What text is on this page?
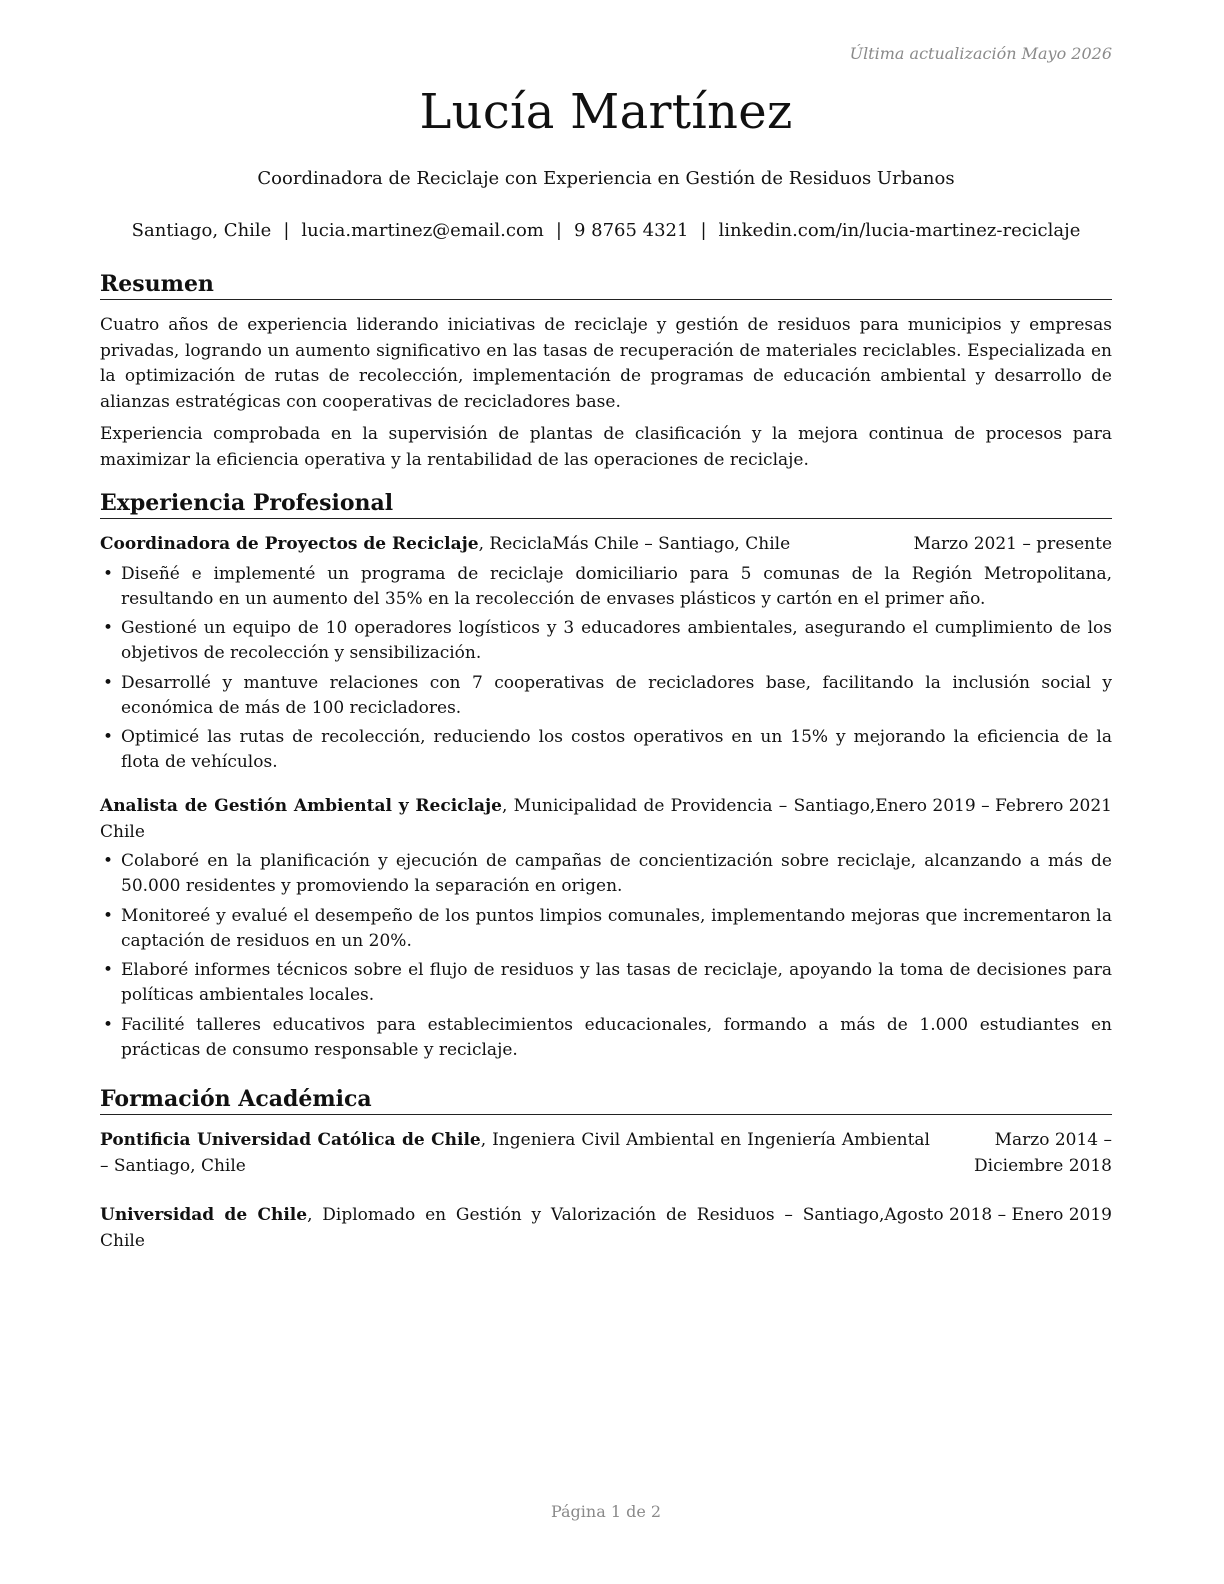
Última actualización Mayo 2026
Lucía Martínez
Coordinadora de Reciclaje con Experiencia en Gestión de Residuos Urbanos
Santiago, Chile | lucia.martinez@email.com | 9 8765 4321 | linkedin.com/in/lucia-martinez-reciclaje
Resumen

Cuatro años de experiencia liderando iniciativas de reciclaje y gestión de residuos para municipios y empresas privadas, logrando un aumento significativo en las tasas de recuperación de materiales reciclables. Especializada en la optimización de rutas de recolección, implementación de programas de educación ambiental y desarrollo de alianzas estratégicas con cooperativas de recicladores base.

Experiencia comprobada en la supervisión de plantas de clasificación y la mejora continua de procesos para maximizar la eficiencia operativa y la rentabilidad de las operaciones de reciclaje.

Experiencia Profesional
Coordinadora de Proyectos de Reciclaje, ReciclaMás Chile – Santiago, Chile	Marzo 2021 – presente
• Diseñé e implementé un programa de reciclaje domiciliario para 5 comunas de la Región Metropolitana, resultando en un aumento del 35% en la recolección de envases plásticos y cartón en el primer año.
• Gestioné un equipo de 10 operadores logísticos y 3 educadores ambientales, asegurando el cumplimiento de los objetivos de recolección y sensibilización.
• Desarrollé y mantuve relaciones con 7 cooperativas de recicladores base, facilitando la inclusión social y económica de más de 100 recicladores.
• Optimicé las rutas de recolección, reduciendo los costos operativos en un 15% y mejorando la eficiencia de la flota de vehículos.
Analista de Gestión Ambiental y Reciclaje, Municipalidad de Providencia – Santiago, Chile
Enero 2019 – Febrero 2021
• Colaboré en la planificación y ejecución de campañas de concientización sobre reciclaje, alcanzando a más de 50.000 residentes y promoviendo la separación en origen.
• Monitoreé y evalué el desempeño de los puntos limpios comunales, implementando mejoras que incrementaron la captación de residuos en un 20%.
• Elaboré informes técnicos sobre el flujo de residuos y las tasas de reciclaje, apoyando la toma de decisiones para políticas ambientales locales.
• Facilité talleres educativos para establecimientos educacionales, formando a más de 1.000 estudiantes en prácticas de consumo responsable y reciclaje.
Formación Académica
Pontificia Universidad Católica de Chile, Ingeniera Civil Ambiental en Ingeniería Ambiental – Santiago, Chile
Marzo 2014 – Diciembre 2018
Universidad de Chile, Diplomado en Gestión y Valorización de Residuos – Santiago, Chile
Agosto 2018 – Enero 2019
Página 1 de 2
